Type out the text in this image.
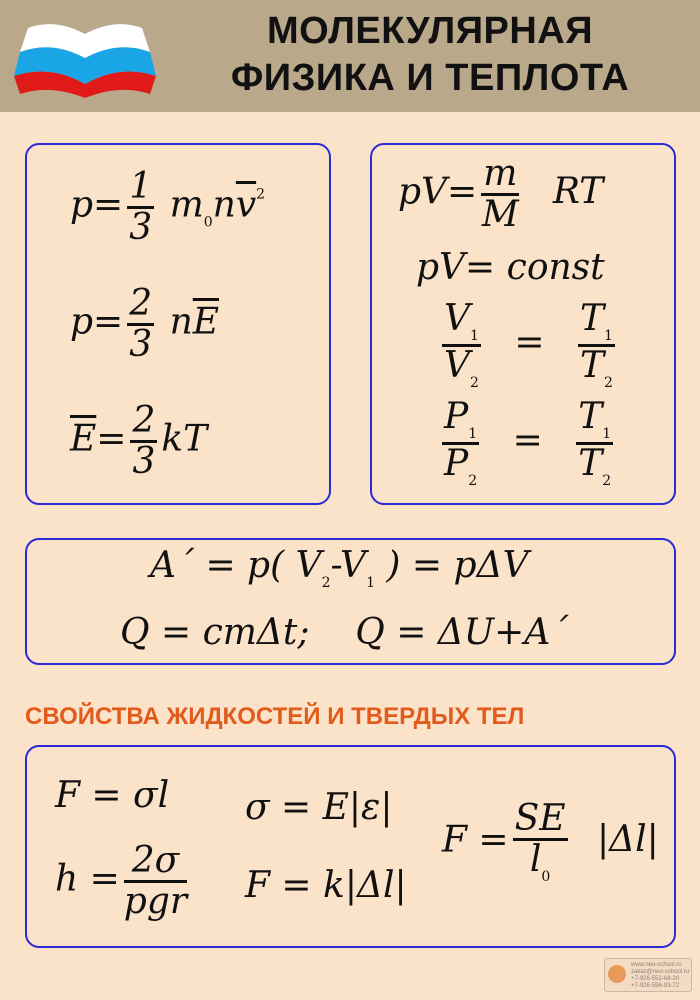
МОЛЕКУЛЯРНАЯ
ФИЗИКА И ТЕПЛОТА
$p= \frac{1}{3} m_0n\overline{v}^2$
$p= \frac{2}{3} n\overline{E}$
$\overline{E}= \frac{2}{3}$ kT
$pV= \frac{m}{M}$ RT
pV= const
$\frac{V_1}{V_2} = \frac{T_1}{T_2}$
$\frac{P_1}{P_2} = \frac{T_1}{T_2}$
A´ = p( $V_2-V_1$ ) = pΔV
Q = cmΔt;    Q = ΔU+A´
СВОЙСТВА ЖИДКОСТЕЙ И ТВЕРДЫХ ТЕЛ
F = σl σ = E|ε|
$h = \frac{2\sigma}{\text{pgr}}$ F = k|Δl|
$F = \frac{SE}{l_0} |\Delta l|$
www.neo-school.ru
zakaz@neo-school.ru
+7-926-552-68-20
+7-926-596-93-72
